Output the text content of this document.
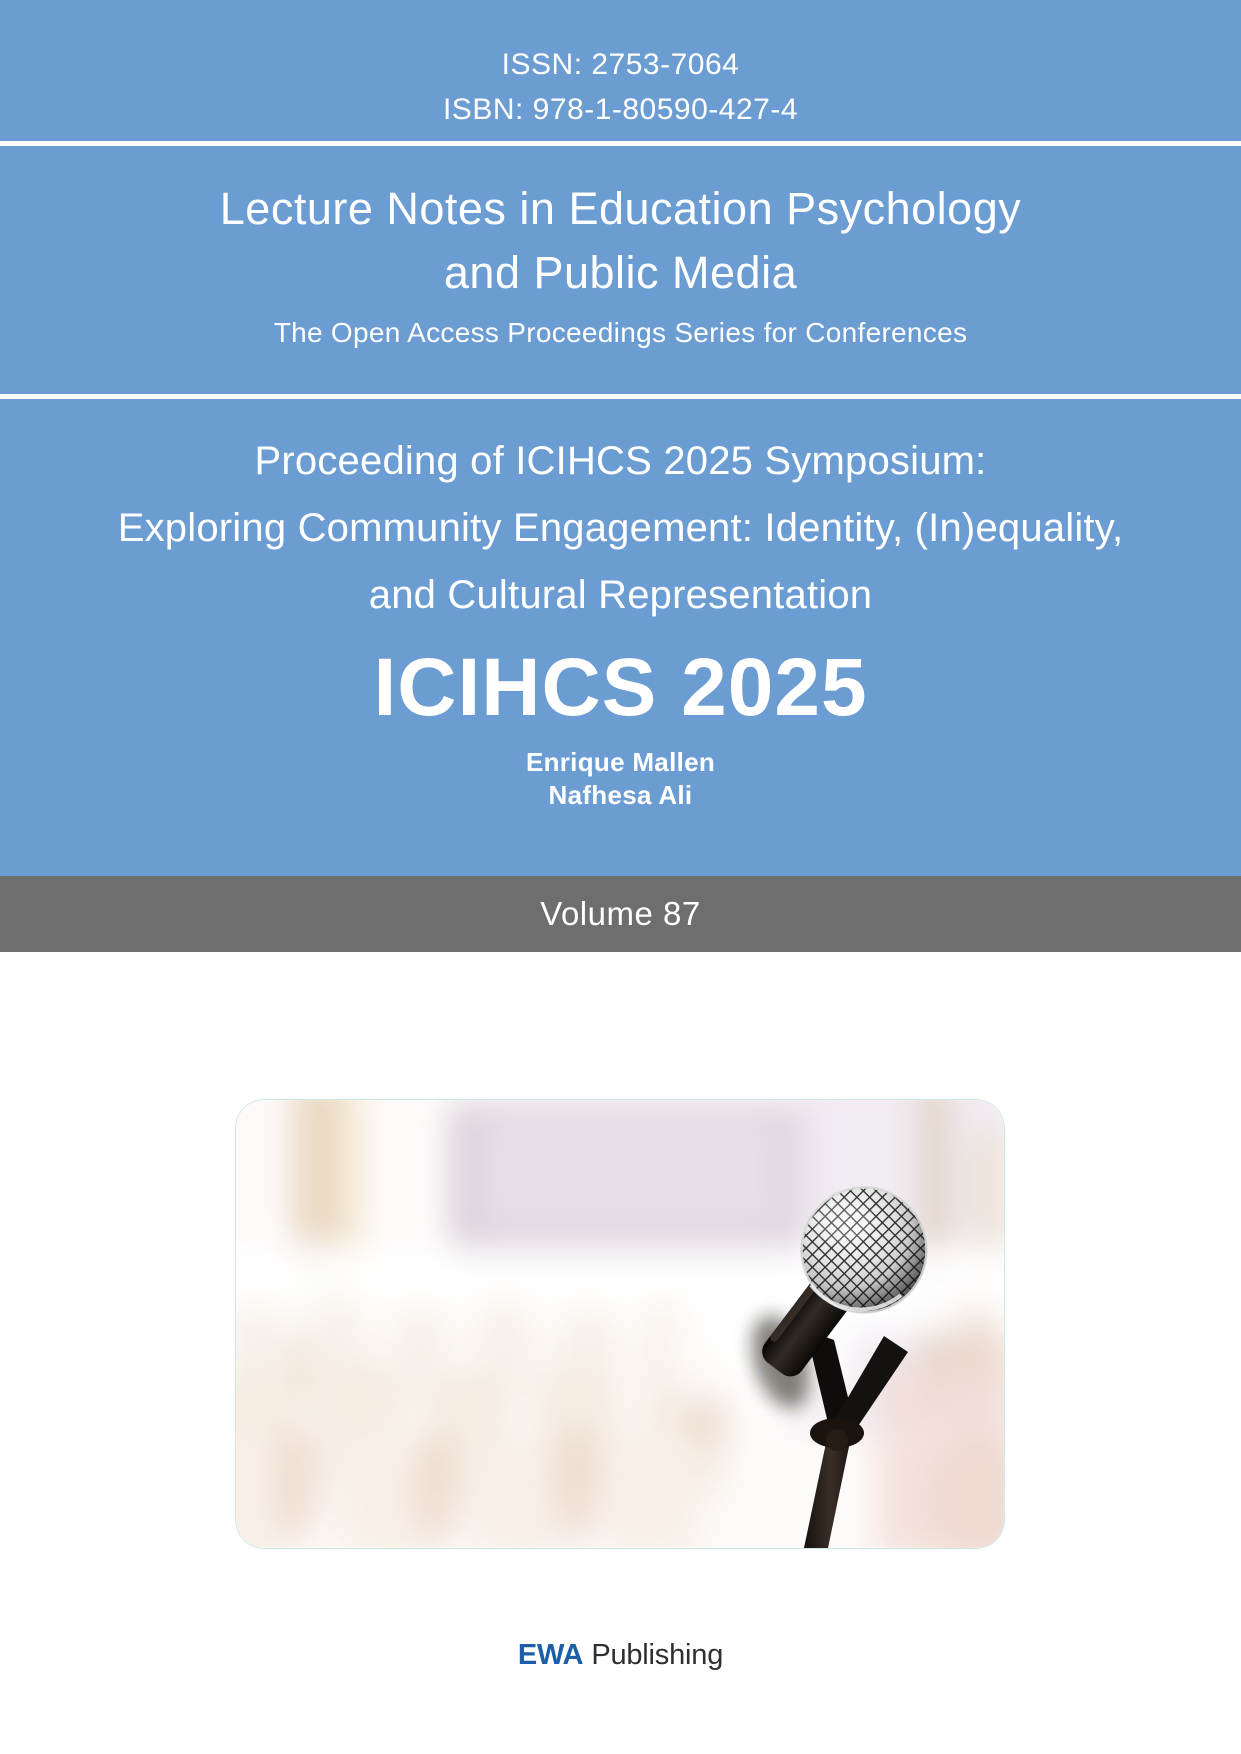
ISSN: 2753-7064
ISBN: 978-1-80590-427-4
Lecture Notes in Education Psychology
and Public Media
The Open Access Proceedings Series for Conferences
Proceeding of ICIHCS 2025 Symposium:
Exploring Community Engagement: Identity, (In)equality,
and Cultural Representation
ICIHCS 2025
Enrique Mallen
Nafhesa Ali
Volume 87
EWA Publishing
